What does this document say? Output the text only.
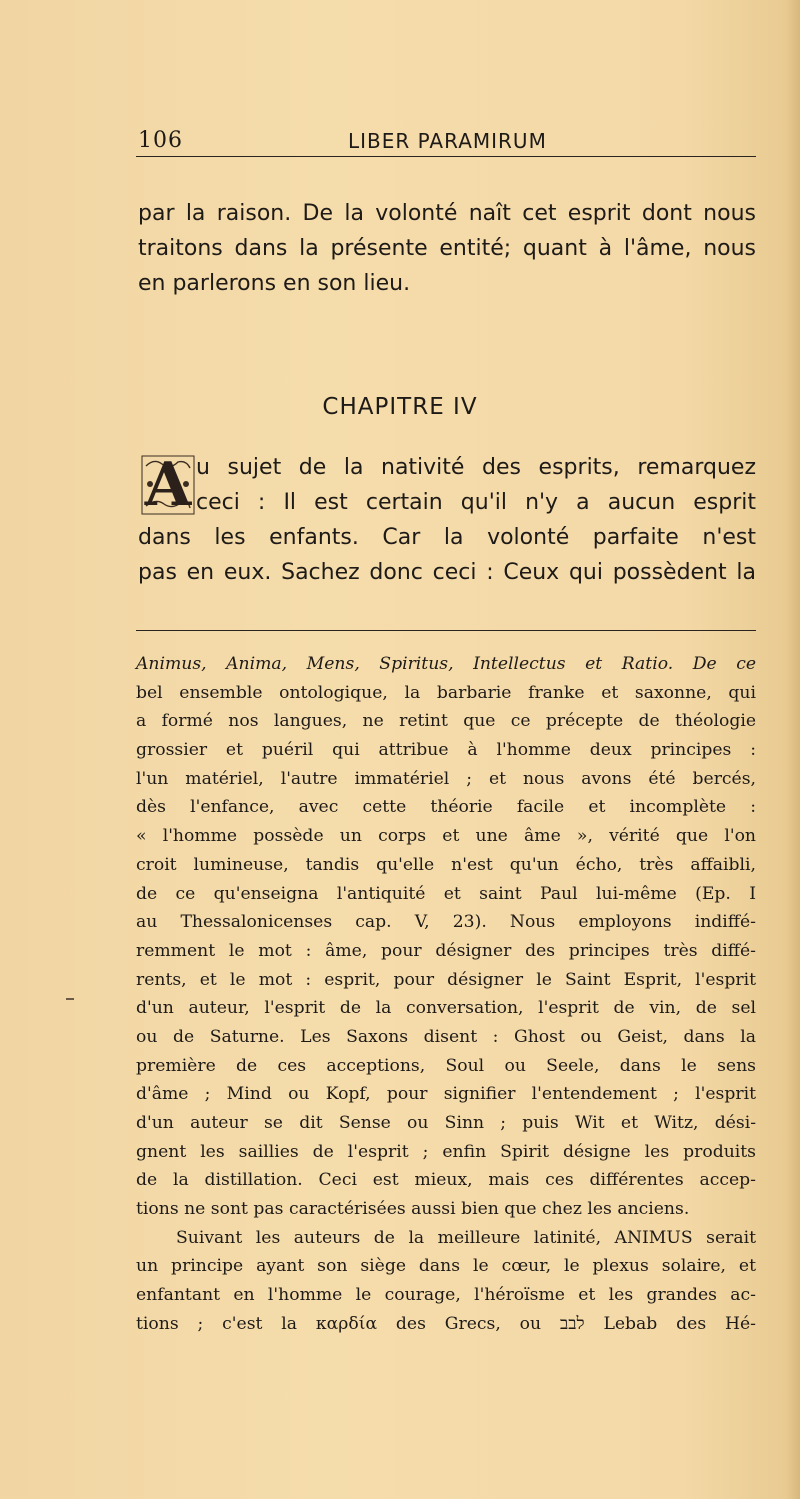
106	LIBER PARAMIRUM
par la raison. De la volonté naît cet esprit dont nous
traitons dans la présente entité; quant à l'âme, nous
en parlerons en son lieu.
CHAPITRE IV
A u sujet de la nativité des esprits, remarquez
ceci : Il est certain qu'il n'y a aucun esprit
dans les enfants. Car la volonté parfaite n'est
pas en eux. Sachez donc ceci : Ceux qui possèdent la
Animus, Anima, Mens, Spiritus, Intellectus et Ratio. De ce
bel ensemble ontologique, la barbarie franke et saxonne, qui
a formé nos langues, ne retint que ce précepte de théologie
grossier et puéril qui attribue à l'homme deux principes :
l'un matériel, l'autre immatériel ; et nous avons été bercés,
dès l'enfance, avec cette théorie facile et incomplète :
« l'homme possède un corps et une âme », vérité que l'on
croit lumineuse, tandis qu'elle n'est qu'un écho, très affaibli,
de ce qu'enseigna l'antiquité et saint Paul lui-même (Ep. I
au Thessalonicenses cap. V, 23). Nous employons indiffé-
remment le mot : âme, pour désigner des principes très diffé-
rents, et le mot : esprit, pour désigner le Saint Esprit, l'esprit
d'un auteur, l'esprit de la conversation, l'esprit de vin, de sel
ou de Saturne. Les Saxons disent : Ghost ou Geist, dans la
première de ces acceptions, Soul ou Seele, dans le sens
d'âme ; Mind ou Kopf, pour signifier l'entendement ; l'esprit
d'un auteur se dit Sense ou Sinn ; puis Wit et Witz, dési-
gnent les saillies de l'esprit ; enfin Spirit désigne les produits
de la distillation. Ceci est mieux, mais ces différentes accep-
tions ne sont pas caractérisées aussi bien que chez les anciens.
Suivant les auteurs de la meilleure latinité, ANIMUS serait
un principe ayant son siège dans le cœur, le plexus solaire, et
enfantant en l'homme le courage, l'héroïsme et les grandes ac-
tions ; c'est la καρδία des Grecs, ou לבב Lebab des Hé-
